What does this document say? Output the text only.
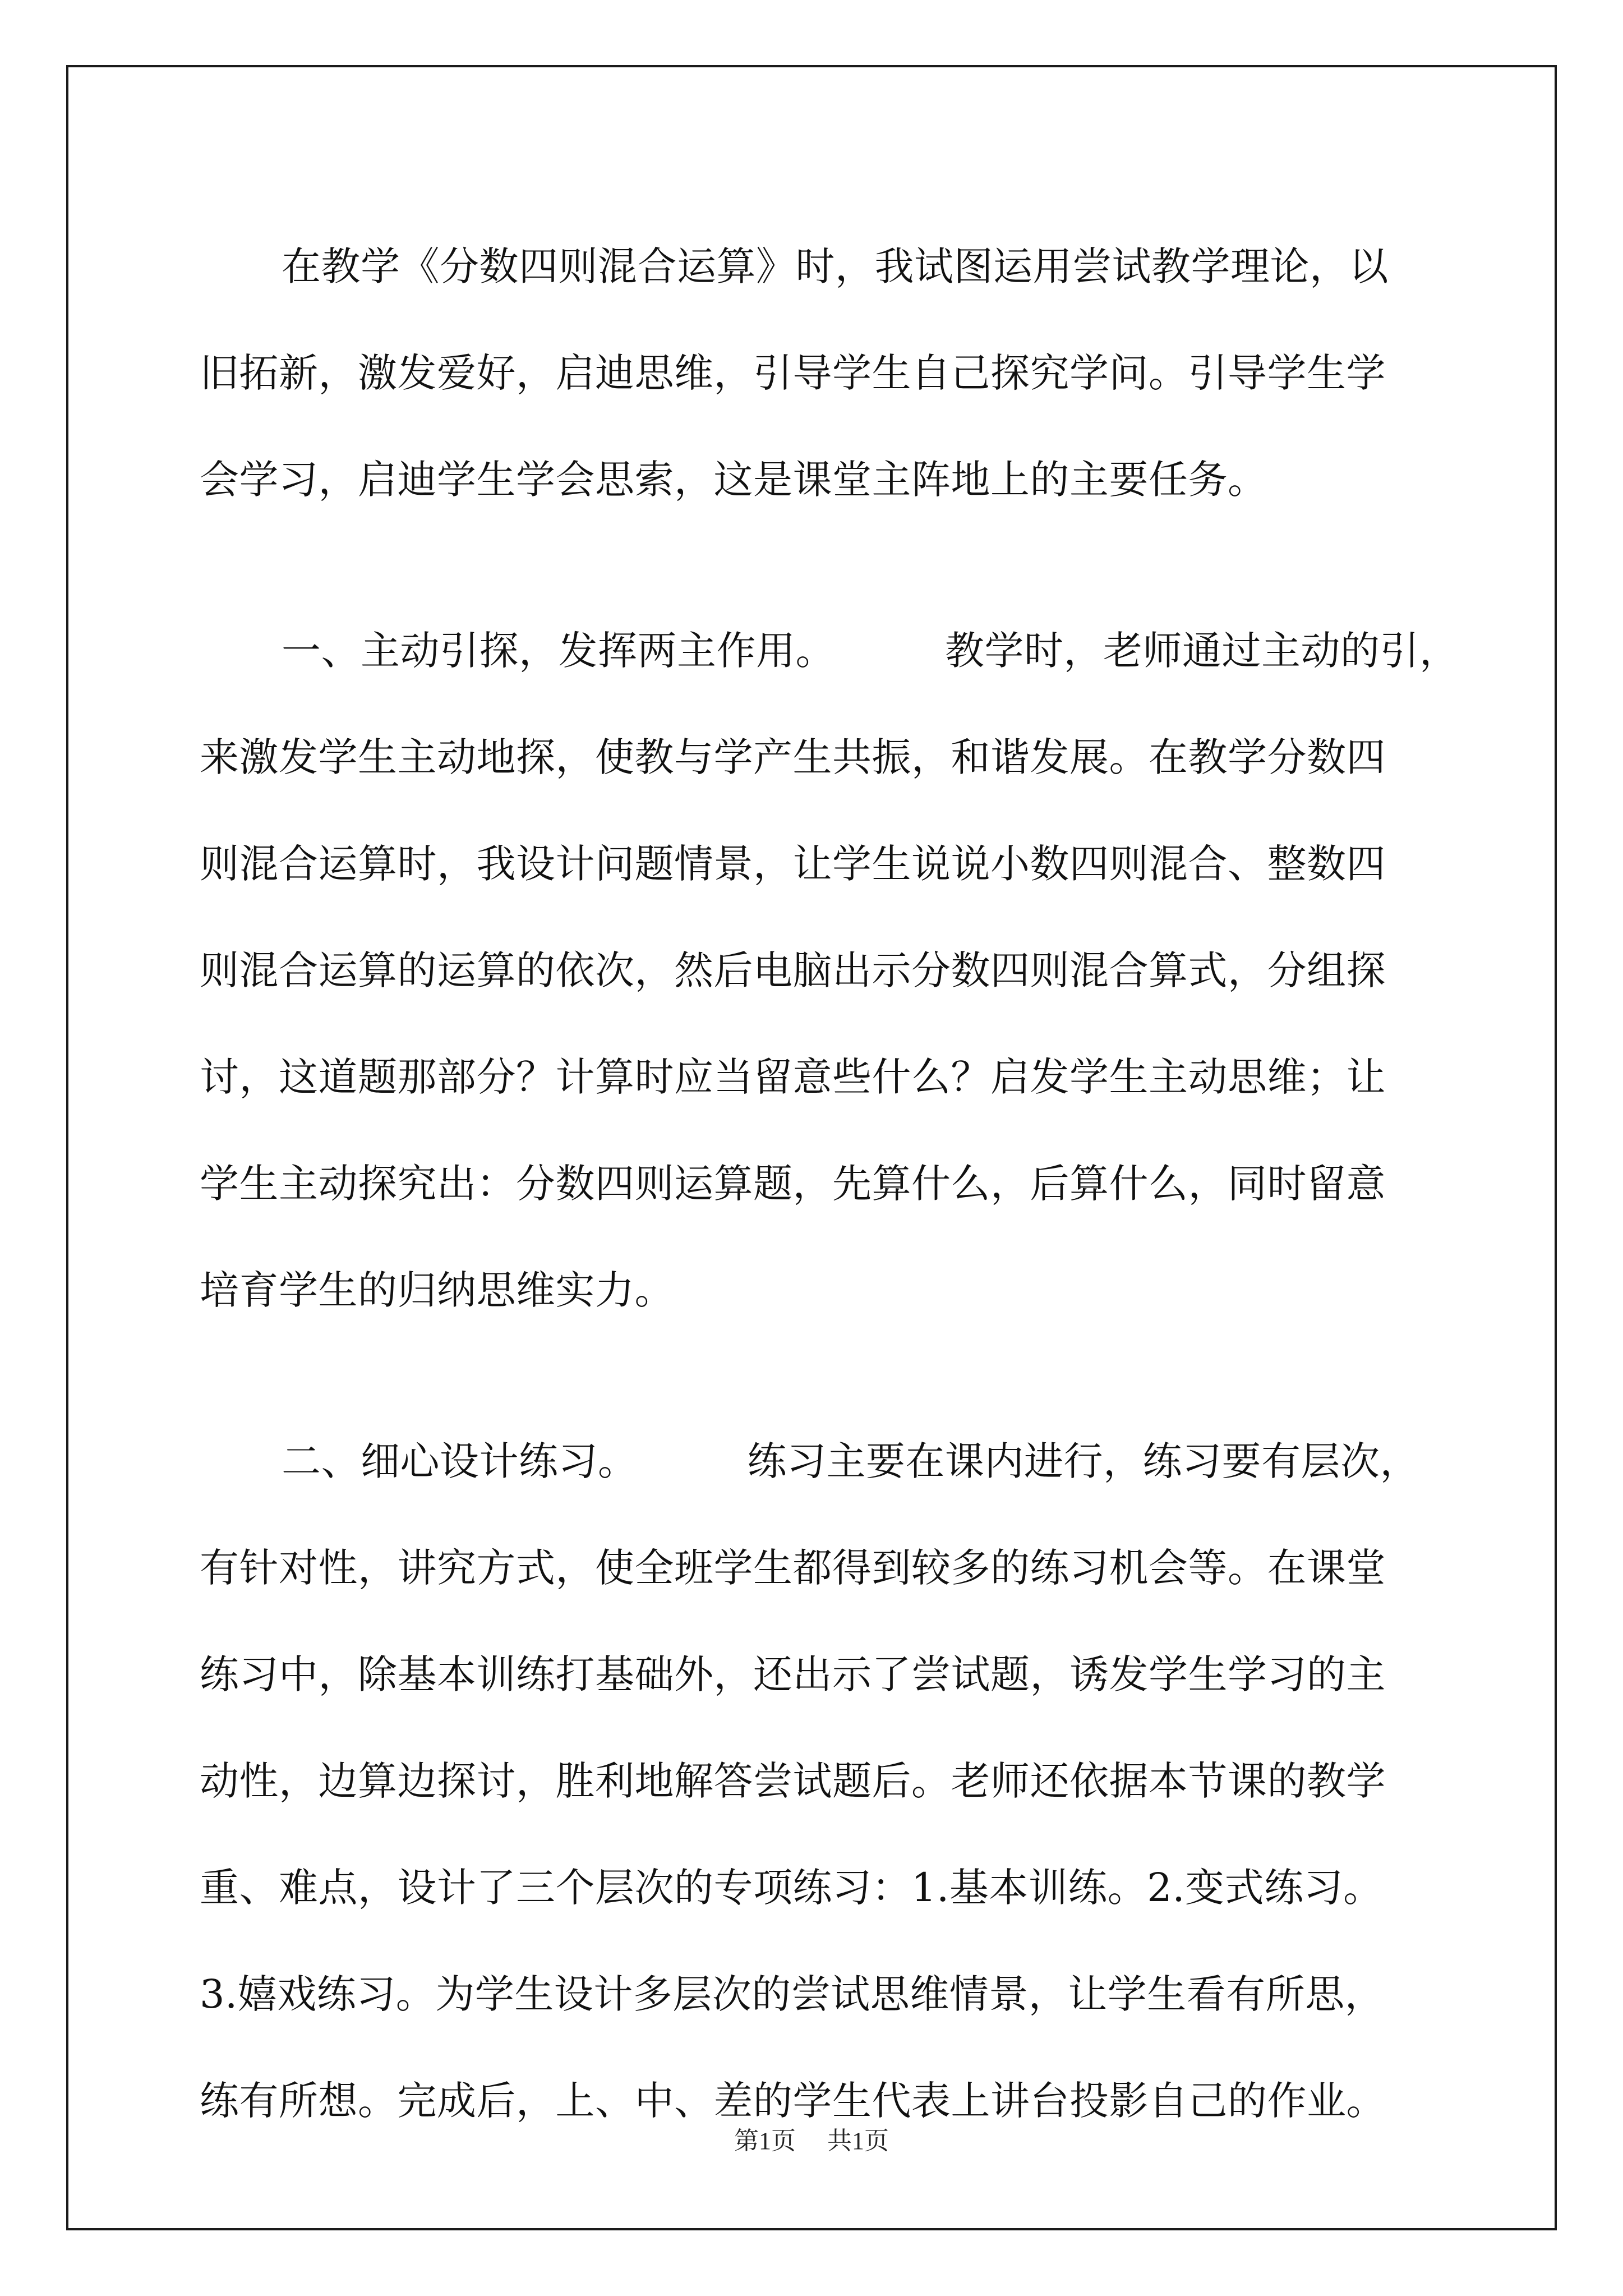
在教学《分数四则混合运算》时，我试图运用尝试教学理论，以
旧拓新，激发爱好，启迪思维，引导学生自己探究学问。引导学生学
会学习，启迪学生学会思索，这是课堂主阵地上的主要任务。
一、主动引探，发挥两主作用。	教学时，老师通过主动的引，
来激发学生主动地探，使教与学产生共振，和谐发展。在教学分数四
则混合运算时，我设计问题情景，让学生说说小数四则混合、整数四
则混合运算的运算的依次，然后电脑出示分数四则混合算式，分组探
讨，这道题那部分？计算时应当留意些什么？启发学生主动思维；让
学生主动探究出：分数四则运算题，先算什么，后算什么，同时留意
培育学生的归纳思维实力。
二、细心设计练习。	练习主要在课内进行，练习要有层次，
有针对性，讲究方式，使全班学生都得到较多的练习机会等。在课堂
练习中，除基本训练打基础外，还出示了尝试题，诱发学生学习的主
动性，边算边探讨，胜利地解答尝试题后。老师还依据本节课的教学
重、难点，设计了三个层次的专项练习：1.基本训练。2.变式练习。
3.嬉戏练习。为学生设计多层次的尝试思维情景，让学生看有所思，
练有所想。完成后，上、中、差的学生代表上讲台投影自己的作业。
第1页 共1页
